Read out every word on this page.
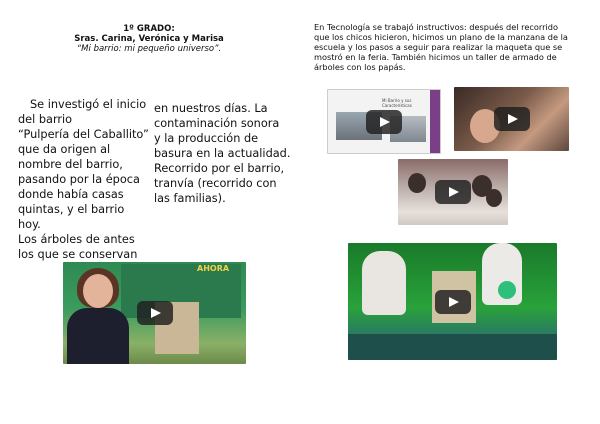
1º GRADO:
Sras. Carina, Verónica y Marisa
“Mi barrio: mi pequeño universo”.
En Tecnología se trabajó instructivos: después del recorrido que los chicos hicieron, hicimos un plano de la manzana de la escuela y los pasos a seguir para realizar la maqueta que se mostró en la feria. También hicimos un taller de armado de árboles con los papás.
Se investigó el inicio
del barrio
“Pulpería del Caballito”
que da origen al
nombre del barrio,
pasando por la época
donde había casas
quintas, y el barrio hoy.
Los árboles de antes
los que se conservan
en nuestros días. La
contaminación sonora
y la producción de
basura en la actualidad.
Recorrido por el barrio,
tranvía (recorrido con
las familias).
Mi Barrio y sus Características
AHORA
